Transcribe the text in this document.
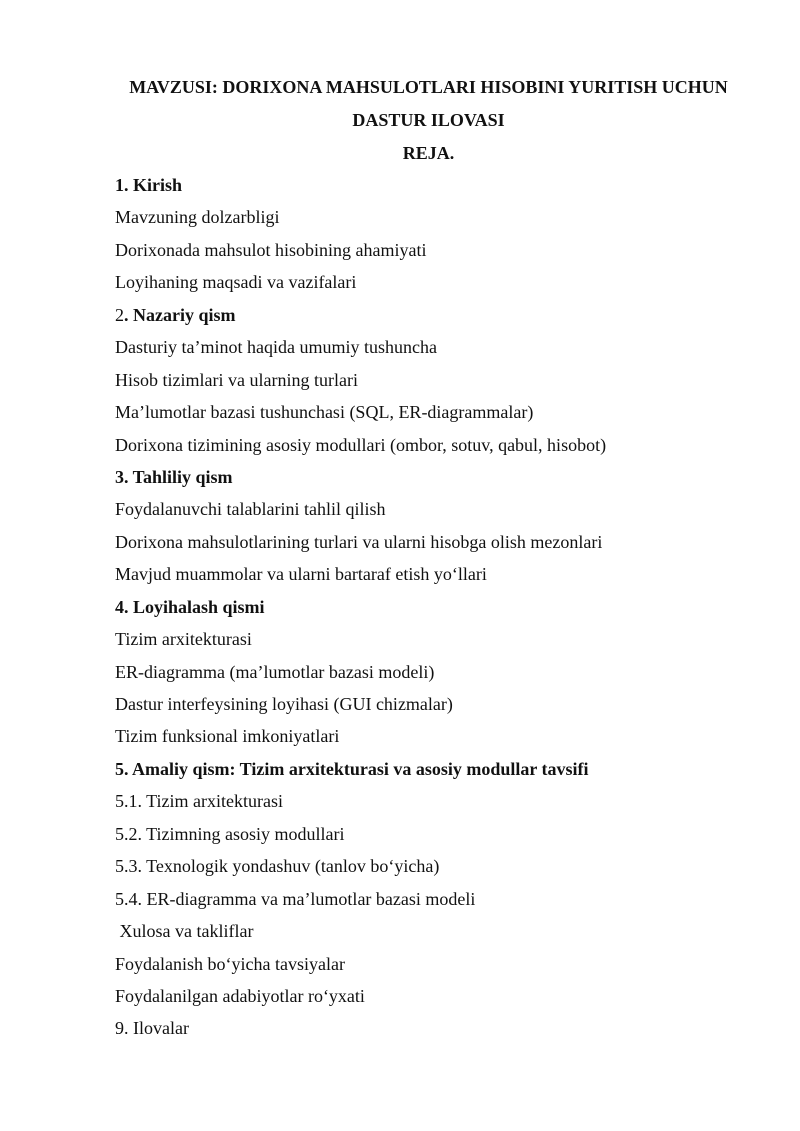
MAVZUSI: DORIXONA MAHSULOTLARI HISOBINI YURITISH UCHUN
DASTUR ILOVASI
REJA.
1. Kirish
Mavzuning dolzarbligi
Dorixonada mahsulot hisobining ahamiyati
Loyihaning maqsadi va vazifalari
2. Nazariy qism
Dasturiy ta’minot haqida umumiy tushuncha
Hisob tizimlari va ularning turlari
Ma’lumotlar bazasi tushunchasi (SQL, ER-diagrammalar)
Dorixona tizimining asosiy modullari (ombor, sotuv, qabul, hisobot)
3. Tahliliy qism
Foydalanuvchi talablarini tahlil qilish
Dorixona mahsulotlarining turlari va ularni hisobga olish mezonlari
Mavjud muammolar va ularni bartaraf etish yo‘llari
4. Loyihalash qismi
Tizim arxitekturasi
ER-diagramma (ma’lumotlar bazasi modeli)
Dastur interfeysining loyihasi (GUI chizmalar)
Tizim funksional imkoniyatlari
5. Amaliy qism: Tizim arxitekturasi va asosiy modullar tavsifi
5.1. Tizim arxitekturasi
5.2. Tizimning asosiy modullari
5.3. Texnologik yondashuv (tanlov bo‘yicha)
5.4. ER-diagramma va ma’lumotlar bazasi modeli
Xulosa va takliflar
Foydalanish bo‘yicha tavsiyalar
Foydalanilgan adabiyotlar ro‘yxati
9. Ilovalar
